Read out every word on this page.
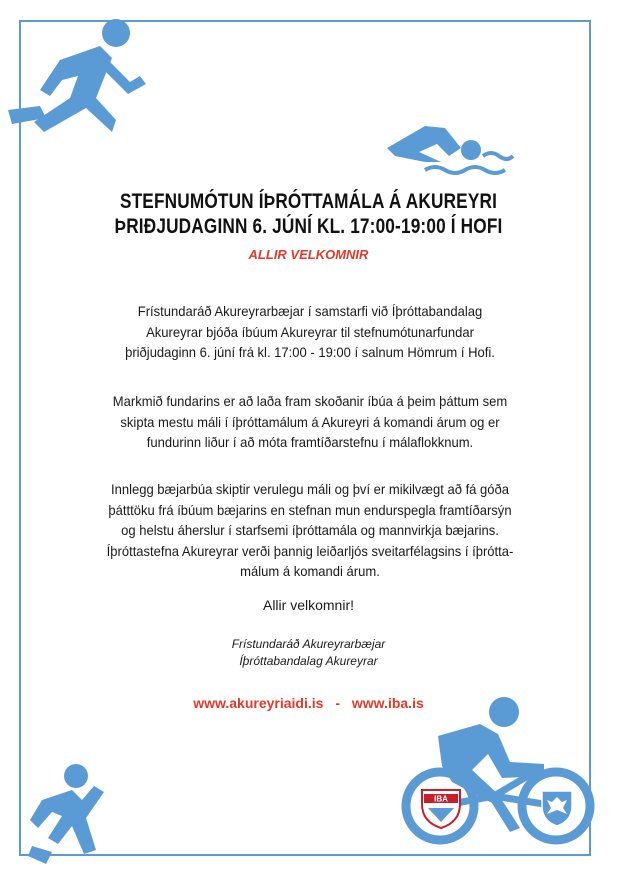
STEFNUMÓTUN ÍÞRÓTTAMÁLA Á AKUREYRI
ÞRIÐJUDAGINN 6. JÚNÍ KL. 17:00-19:00 Í HOFI
ALLIR VELKOMNIR
Frístundaráð Akureyrarbæjar í samstarfi við Íþróttabandalag
Akureyrar bjóða íbúum Akureyrar til stefnumótunarfundar
þriðjudaginn 6. júní frá kl. 17:00 - 19:00 í salnum Hömrum í Hofi.
Markmið fundarins er að laða fram skoðanir íbúa á þeim þáttum sem
skipta mestu máli í íþróttamálum á Akureyri á komandi árum og er
fundurinn liður í að móta framtíðarstefnu í málaflokknum.
Innlegg bæjarbúa skiptir verulegu máli og því er mikilvægt að fá góða
þátttöku frá íbúum bæjarins en stefnan mun endurspegla framtíðarsýn
og helstu áherslur í starfsemi íþróttamála og mannvirkja bæjarins.
Íþróttastefna Akureyrar verði þannig leiðarljós sveitarfélagsins í íþrótta-
málum á komandi árum.
Allir velkomnir!
Frístundaráð Akureyrarbæjar
Íþróttabandalag Akureyrar
www.akureyriaidi.is - www.iba.is
IBA
